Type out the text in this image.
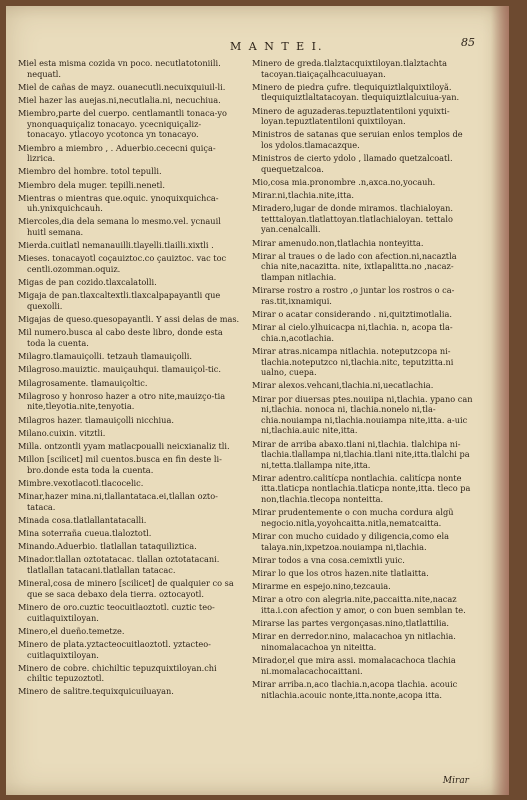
M A N T E I.	85

Miel esta misma cozida vn poco. necutlatotoniili. nequatl.

Miel de cañas de mayz. ouanecutli.necuixquiuil-li.

Miel hazer las auejas.ni,necutlalia.ni, necuchiua.

Miembro,parte del cuerpo. centlamantli tonaca-yo ynonquaquiçaliz tonacayo. ycecniquiçaliz-tonacayo. ytlacoyo ycotonca yn tonacayo.

Miembro a miembro , . Aduerbio.cececni quiça-lizrica.

Miembro del hombre. totol tepulli.

Miembro dela muger. tepilli.nenetl.

Mientras o mientras que.oquic. ynoquixquichca-uh.ynixquichcauh.

Miercoles,dia dela semana lo mesmo.vel. ycnauil huitl semana.

Mierda.cuitlatl nemanauilli.tlayelli.tlailli.xixtli .

Mieses. tonacayotl coçauiztoc.co çauiztoc. vac toc centli.ozomman.oquiz.

Migas de pan cozido.tlaxcalatolli.

Migaja de pan.tlaxcaltextli.tlaxcalpapayantli que quexolli.

Migajas de queso.quesopayantli. Y assi delas de mas.

Mil numero.busca al cabo deste libro, donde esta toda la cuenta.

Milagro.tlamauiçolli. tetzauh tlamauiçolli.

Milagroso.mauiztic. mauiçauhqui. tlamauiçol-tic.

Milagrosamente. tlamauiçoltic.

Milagroso y honroso hazer a otro nite,mauizço-tia nite,tleyotia.nite,tenyotia.

Milagros hazer. tlamauiçolli nicchiua.

Milano.cuixin. vitztli.

Milla. ontzontli yyam matlacpoualli neicxianaliz tli.

Millon [scilicet] mil cuentos.busca en fin deste li-bro.donde esta toda la cuenta.

Mimbre.vexotlacotl.tlacocelic.

Minar,hazer mina.ni,tlallantataca.ei,tlallan ozto-tataca.

Minada cosa.tlatlallantatacalli.

Mina soterraña cueua.tlaloztotl.

Minando.Aduerbio. tlatlallan tataquiliztica.

Minador.tlallan oztotatacac. tlallan oztotatacani. tlatlallan tatacani.tlatlallan tatacac.

Mineral,cosa de minero [scilicet] de qualquier co sa que se saca debaxo dela tierra. oztocayotl.

Minero de oro.cuztic teocuitlaoztotl. cuztic teo-cuitlaquixtiloyan.

Minero,el dueño.temetze.

Minero de plata.yztacteocuitlaoztotl. yztacteo-cuitlaquixtiloyan.

Minero de cobre. chichiltic tepuzquixtiloyan.chi chiltic tepuzoztotl.

Minero de salitre.tequixquicuiluayan.

Minero de greda.tlalztacquixtiloyan.tlalztachta tacoyan.tiaiçaçalhcacuiuayan.

Minero de piedra çufre. tlequiquiztlalquixtiloyã. tlequiquiztlaltatacoyan. tlequiquiztlalcuiua-yan.

Minero de aguzaderas.tepuztlatentiloni yquixti-loyan.tepuztlatentiloni quixtiloyan.

Ministros de satanas que seruian enlos templos de los ydolos.tlamacazque.

Ministros de cierto ydolo , llamado quetzalcoatl. quequetzalcoa.

Mio,cosa mia.pronombre .n,axca.no,yocauh.

Mirar.ni,tlachia.nite,itta.

Miradero,lugar de donde miramos. tlachialoyan. tetttaloyan.tlatlattoyan.tlatlachialoyan. tettalo yan.cenalcalli.

Mirar amenudo.non,tlatlachia nonteyitta.

Mirar al traues o de lado con afection.ni,nacaztla chia nite,nacazitta. nite, ixtlapalitta.no ,nacaz-tlampan nitlachia.

Mirarse rostro a rostro ,o juntar los rostros o ca-ras.tit,ixnamiqui.

Mirar o acatar considerando . ni,quitztimotlalia.

Mirar al cielo.ylhuicacpa ni,tlachia. n, acopa tla-chia.n,acotlachia.

Mirar atras.nicampa nitlachia. noteputzcopa ni-tlachia.noteputzco ni,tlachia.nitc, teputzitta.ni ualno, cuepa.

Mirar alexos.vehcani,tlachia.ni,uecatlachia.

Mirar por diuersas ptes.nouiipa ni,tlachia. ypano can ni,tlachia. nonoca ni, tlachia.nonelo ni,tla-chia.nouiampa ni,tlachia.nouiampa nite,itta. a-uic ni,tlachia.auic nite,itta.

Mirar de arriba abaxo.tlani ni,tlachia. tlalchipa ni-tlachia.tlallampa ni,tlachia.tlani nite,itta.tlalchi pa ni,tetta.tlallampa nite,itta.

Mirar adentro.calitícpa nontlachia. calitícpa nonte itta.tlaticpa nontlachia.tlaticpa nonte,itta. tleco pa non,tlachia.tlecopa nonteitta.

Mirar prudentemente o con mucha cordura algũ negocio.nitla,yoyohcaitta.nitla,nematcaitta.

Mirar con mucho cuidado y diligencia,como ela talaya.nin,ixpetzoa.nouiampa ni,tlachia.

Mirar todos a vna cosa.cemixtli yuic.

Mirar lo que los otros hazen.nite tlatlaitta.

Mirarme en espejo.nino,tezcauia.

Mirar a otro con alegria.nite,paccaitta.nite,nacaz itta.i.con afection y amor, o con buen semblan te.

Mirarse las partes vergonçasas.nino,tlatlattilia.

Mirar en derredor.nino, malacachoa yn nitlachia. ninomalacachoa yn niteitta.

Mirador,el que mira assi. momalacachoca tlachia ni.momalacachocaittani.

Mirar arriba.n,aco tlachia.n,acopa tlachia. acouic nitlachia.acouic nonte,itta.nonte,acopa itta.

Mirar
